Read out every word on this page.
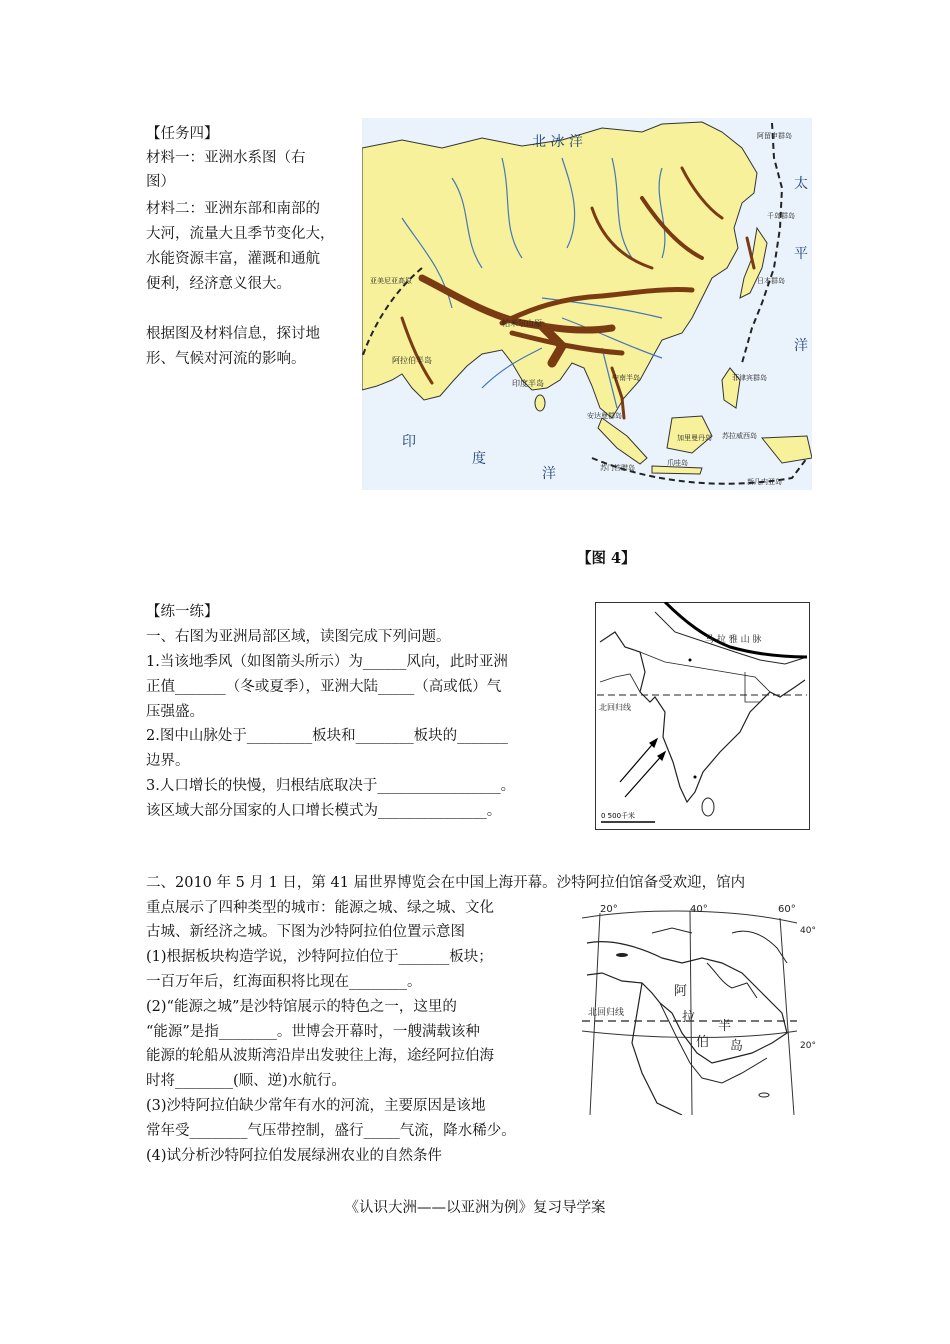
【任务四】
材料一：亚洲水系图（右
图）
材料二：亚洲东部和南部的
大河，流量大且季节变化大，
水能资源丰富，灌溉和通航
便利，经济意义很大。
根据图及材料信息，探讨地
形、气候对河流的影响。
北 冰 洋
太
平
洋
印
度
洋
帕米尔山原
阿拉伯半岛
印度半岛
中南半岛
加里曼丹岛
苏门答腊岛
苏拉威西岛
爪哇岛
新几内亚岛
菲律宾群岛
日本群岛
千岛群岛
亚美尼亚高原
安达曼群岛
阿留申群岛
【图 4】
【练一练】
一、右图为亚洲局部区域，读图完成下列问题。
1.当该地季风（如图箭头所示）为______风向，此时亚洲
正值_______（冬或夏季），亚洲大陆_____（高或低）气
压强盛。
2.图中山脉处于_________板块和________板块的_______
边界。
3.人口增长的快慢，归根结底取决于_________________。
该区域大部分国家的人口增长模式为_______________。
北回归线
马 拉 雅 山 脉
0 500千米
二、2010 年 5 月 1 日，第 41 届世界博览会在中国上海开幕。沙特阿拉伯馆备受欢迎，馆内
重点展示了四种类型的城市：能源之城、绿之城、文化
古城、新经济之城。下图为沙特阿拉伯位置示意图
(1)根据板块构造学说，沙特阿拉伯位于_______板块；
一百万年后，红海面积将比现在________。
(2)“能源之城”是沙特馆展示的特色之一，这里的
“能源”是指________。世博会开幕时，一艘满载该种
能源的轮船从波斯湾沿岸出发驶往上海，途经阿拉伯海
时将________(顺、逆)水航行。
(3)沙特阿拉伯缺少常年有水的河流，主要原因是该地
常年受________气压带控制，盛行_____气流，降水稀少。
(4)试分析沙特阿拉伯发展绿洲农业的自然条件
20°	40°	60°
40°
20°
北回归线
阿
拉
伯
半
岛
《认识大洲——以亚洲为例》复习导学案
